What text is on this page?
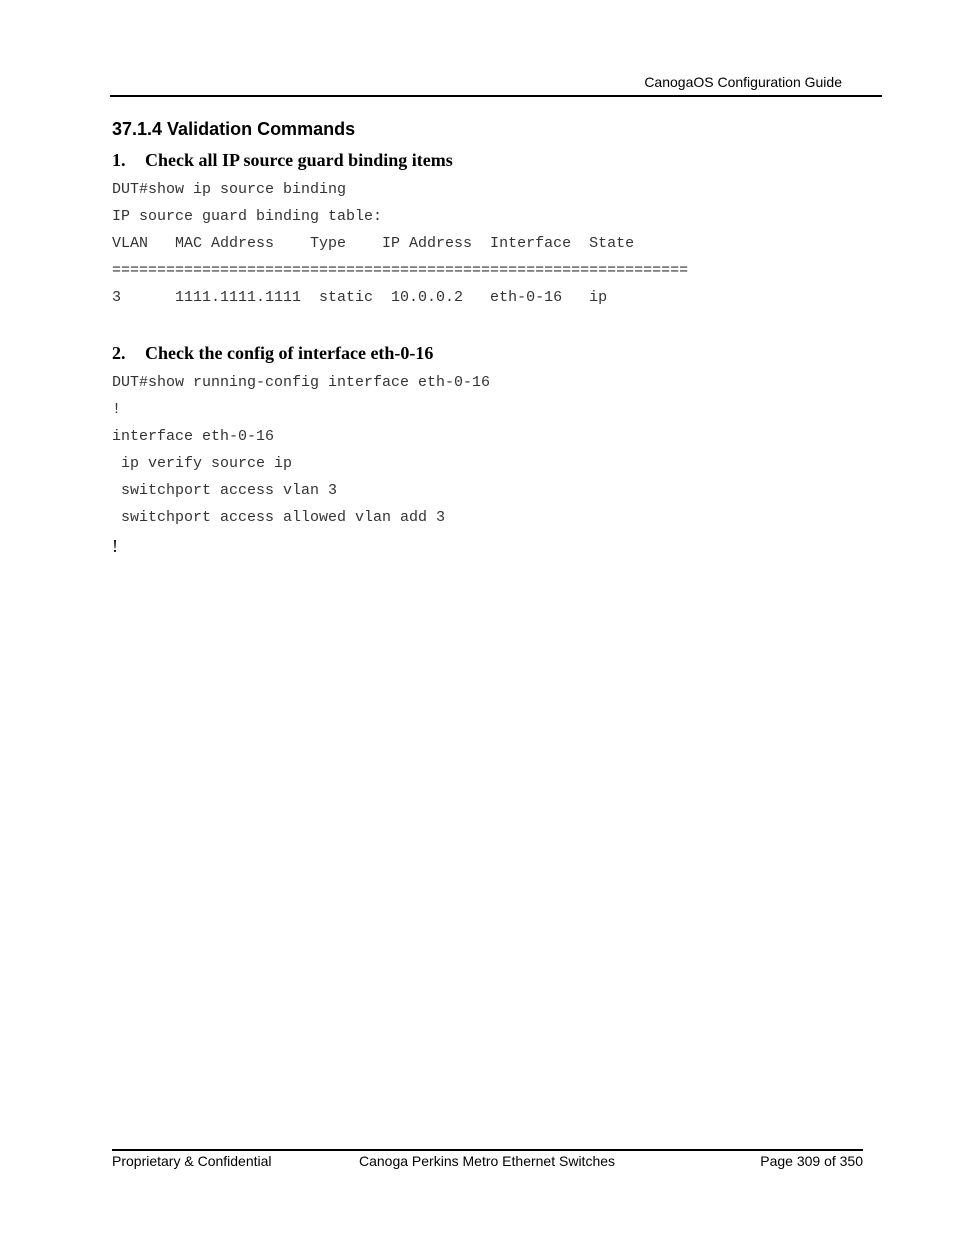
CanogaOS Configuration Guide
37.1.4 Validation Commands
1. Check all IP source guard binding items
DUT#show ip source binding
IP source guard binding table:
VLAN   MAC Address    Type    IP Address  Interface  State
================================================================
3      1111.1111.1111  static  10.0.0.2   eth-0-16   ip
2. Check the config of interface eth-0-16
DUT#show running-config interface eth-0-16
!
interface eth-0-16
ip verify source ip
switchport access vlan 3
switchport access allowed vlan add 3
!
Proprietary & Confidential	Canoga Perkins Metro Ethernet Switches	Page 309 of 350
